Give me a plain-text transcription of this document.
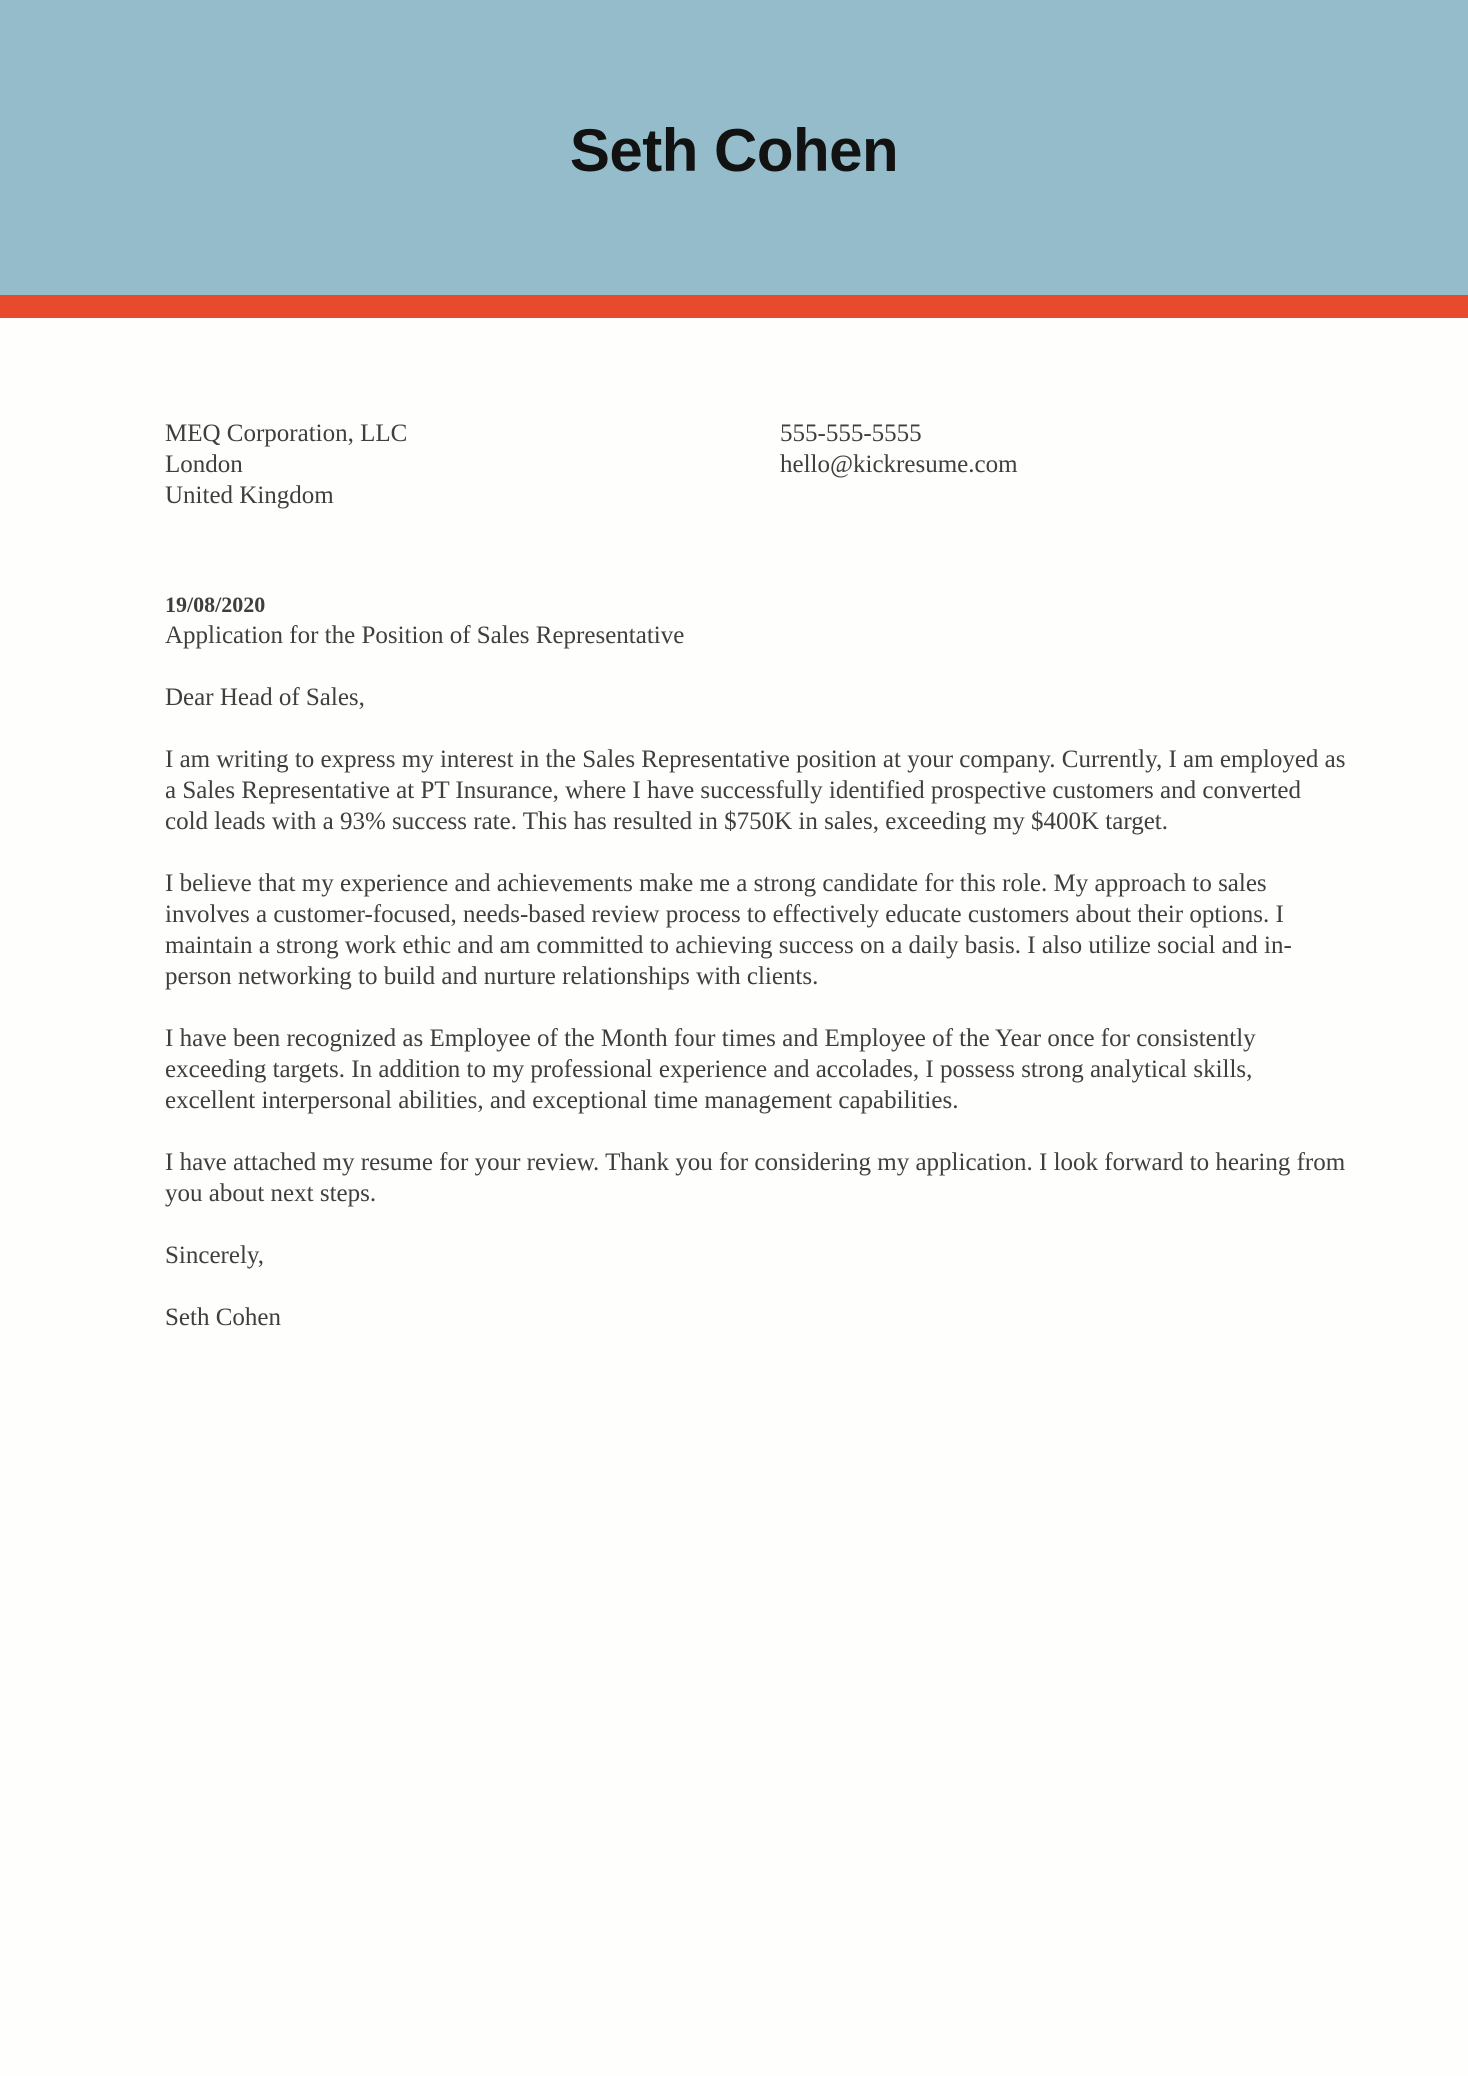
Seth Cohen
MEQ Corporation, LLC
London
United Kingdom
555-555-5555
hello@kickresume.com
19/08/2020
Application for the Position of Sales Representative
Dear Head of Sales,
I am writing to express my interest in the Sales Representative position at your company. Currently, I am employed as a Sales Representative at PT Insurance, where I have successfully identified prospective customers and converted cold leads with a 93% success rate. This has resulted in $750K in sales, exceeding my $400K target.
I believe that my experience and achievements make me a strong candidate for this role. My approach to sales involves a customer-focused, needs-based review process to effectively educate customers about their options. I maintain a strong work ethic and am committed to achieving success on a daily basis. I also utilize social and in-person networking to build and nurture relationships with clients.
I have been recognized as Employee of the Month four times and Employee of the Year once for consistently exceeding targets. In addition to my professional experience and accolades, I possess strong analytical skills, excellent interpersonal abilities, and exceptional time management capabilities.
I have attached my resume for your review. Thank you for considering my application. I look forward to hearing from you about next steps.
Sincerely,
Seth Cohen
